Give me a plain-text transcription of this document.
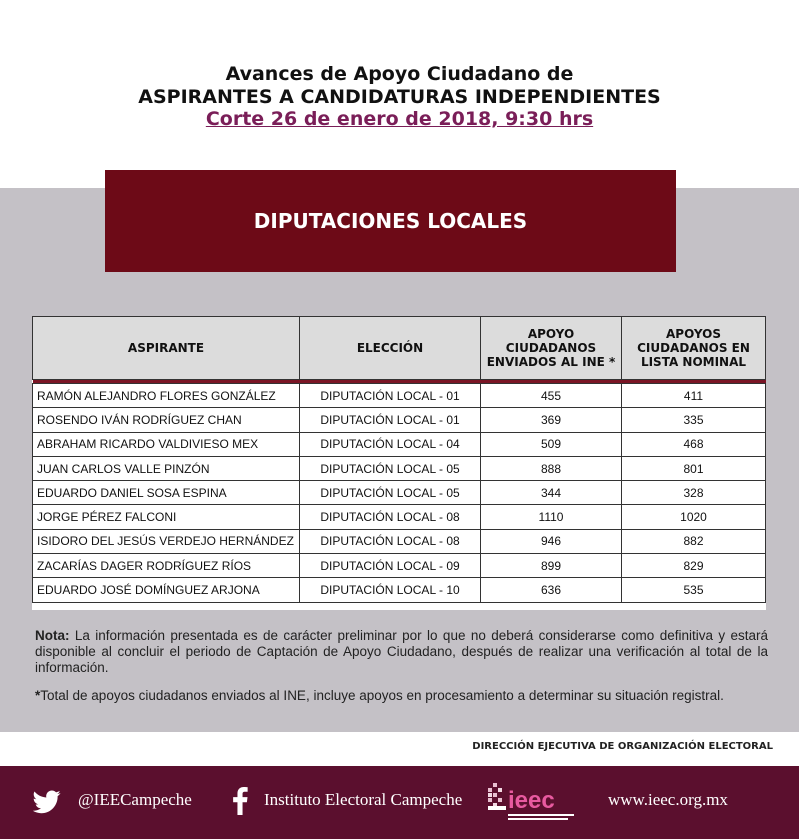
Avances de Apoyo Ciudadano de
ASPIRANTES A CANDIDATURAS INDEPENDIENTES
Corte 26 de enero de 2018, 9:30 hrs
DIPUTACIONES LOCALES
ASPIRANTE	ELECCIÓN	APOYO CIUDADANOS ENVIADOS AL INE *	APOYOS CIUDADANOS EN LISTA NOMINAL

RAMÓN ALEJANDRO FLORES GONZÁLEZ	DIPUTACIÓN LOCAL - 01	455	411
ROSENDO IVÁN RODRÍGUEZ CHAN	DIPUTACIÓN LOCAL - 01	369	335
ABRAHAM RICARDO VALDIVIESO MEX	DIPUTACIÓN LOCAL - 04	509	468
JUAN CARLOS VALLE PINZÓN	DIPUTACIÓN LOCAL - 05	888	801
EDUARDO DANIEL SOSA ESPINA	DIPUTACIÓN LOCAL - 05	344	328
JORGE PÉREZ FALCONI	DIPUTACIÓN LOCAL - 08	1110	1020
ISIDORO DEL JESÚS VERDEJO HERNÁNDEZ	DIPUTACIÓN LOCAL - 08	946	882
ZACARÍAS DAGER RODRÍGUEZ RÍOS	DIPUTACIÓN LOCAL - 09	899	829
EDUARDO JOSÉ DOMÍNGUEZ ARJONA	DIPUTACIÓN LOCAL - 10	636	535
Nota: La información presentada es de carácter preliminar por lo que no deberá considerarse como definitiva y estará disponible al concluir el periodo de Captación de Apoyo Ciudadano, después de realizar una verificación al total de la información.
*Total de apoyos ciudadanos enviados al INE, incluye apoyos en procesamiento a determinar su situación registral.
DIRECCIÓN EJECUTIVA DE ORGANIZACIÓN ELECTORAL
@IEECampeche	Instituto Electoral Campeche ieec	www.ieec.org.mx
